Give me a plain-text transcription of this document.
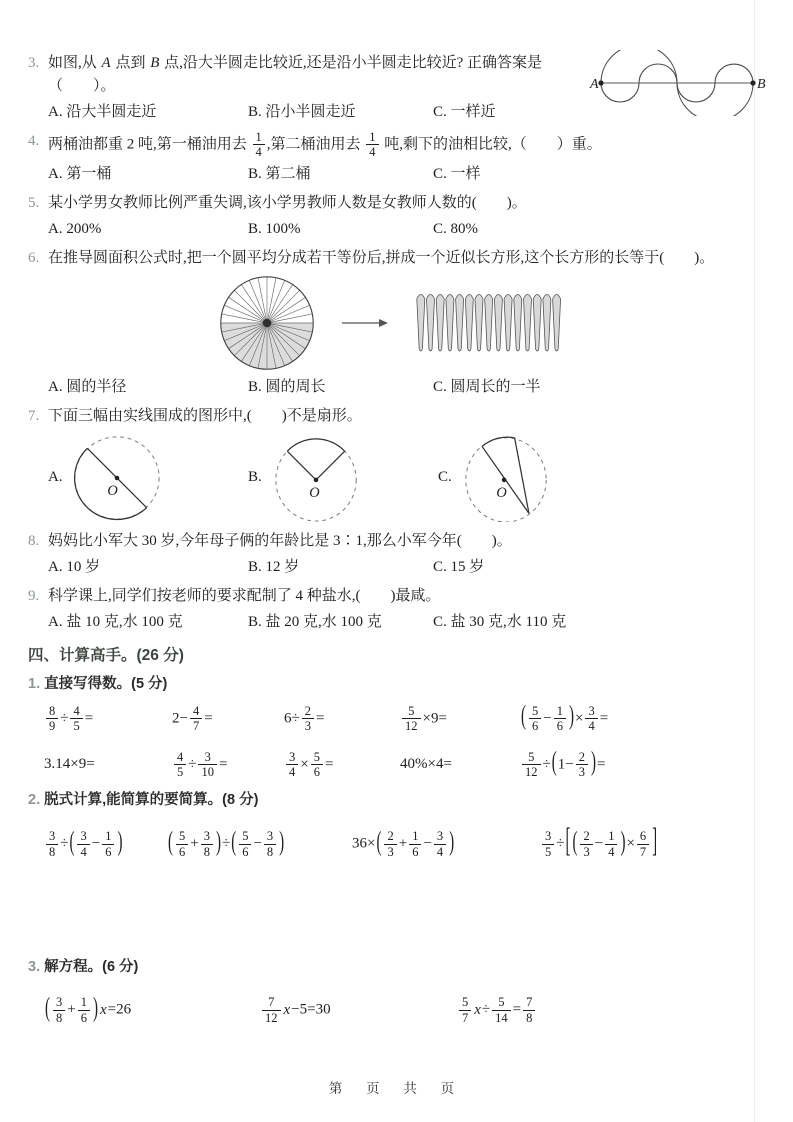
A	B
3. 如图,从 A 点到 B 点,沿大半圆走比较近,还是沿小半圆走比较近? 正确答案是（　　）。
A. 沿大半圆走近	B. 沿小半圆走近	C. 一样近
4. 两桶油都重 2 吨,第一桶油用去 $\frac{1}{4}$ ,第二桶油用去 $\frac{1}{4}$ 吨,剩下的油相比较,（　　）重。
A. 第一桶	B. 第二桶	C. 一样
5. 某小学男女教师比例严重失调,该小学男教师人数是女教师人数的(　　)。
A. 200%	B. 100%	C. 80%
6. 在推导圆面积公式时,把一个圆平均分成若干等份后,拼成一个近似长方形,这个长方形的长等于(　　)。
A. 圆的半径	B. 圆的周长	C. 圆周长的一半
7. 下面三幅由实线围成的图形中,(　　)不是扇形。
A.
O
B.
O
C.
O
8. 妈妈比小军大 30 岁,今年母子俩的年龄比是 3∶1,那么小军今年(　　)。
A. 10 岁	B. 12 岁	C. 15 岁
9. 科学课上,同学们按老师的要求配制了 4 种盐水,(　　)最咸。
A. 盐 10 克,水 100 克	B. 盐 20 克,水 100 克	C. 盐 30 克,水 110 克
四、计算高手。(26 分)
1. 直接写得数。(5 分)
$\frac{8}{9} \div \frac{4}{5}$ =	$2- \frac{4}{7}$ =	$6\div \frac{2}{3}$ =	$\frac{5}{12} \times 9=$	( $\frac{5}{6} - \frac{1}{6}$ )× $\frac{3}{4}$ =
3.14×9=	$\frac{4}{5} \div \frac{3}{10}$ =	$\frac{3}{4} \times \frac{5}{6}$ =	40%×4=	$\frac{5}{12} \div(1- \frac{2}{3}$ )=
2. 脱式计算,能简算的要简算。(8 分)
$\frac{3}{8}$ ÷( $\frac{3}{4} - \frac{1}{6}$ )	( $\frac{5}{6} + \frac{3}{8}$ )÷( $\frac{5}{6} - \frac{3}{8}$ )	$36\times( \frac{2}{3} + \frac{1}{6} - \frac{3}{4}$ )	$\frac{3}{5}$ ÷[ ( $\frac{2}{3} - \frac{1}{4}$ )× $\frac{6}{7}$ ]
3. 解方程。(6 分)
( $\frac{3}{8} + \frac{1}{6}$ ) x=26	$\frac{7}{12} x-5=30$	$\frac{5}{7} x\div \frac{5}{14} = \frac{7}{8}$
第 页 共 页
